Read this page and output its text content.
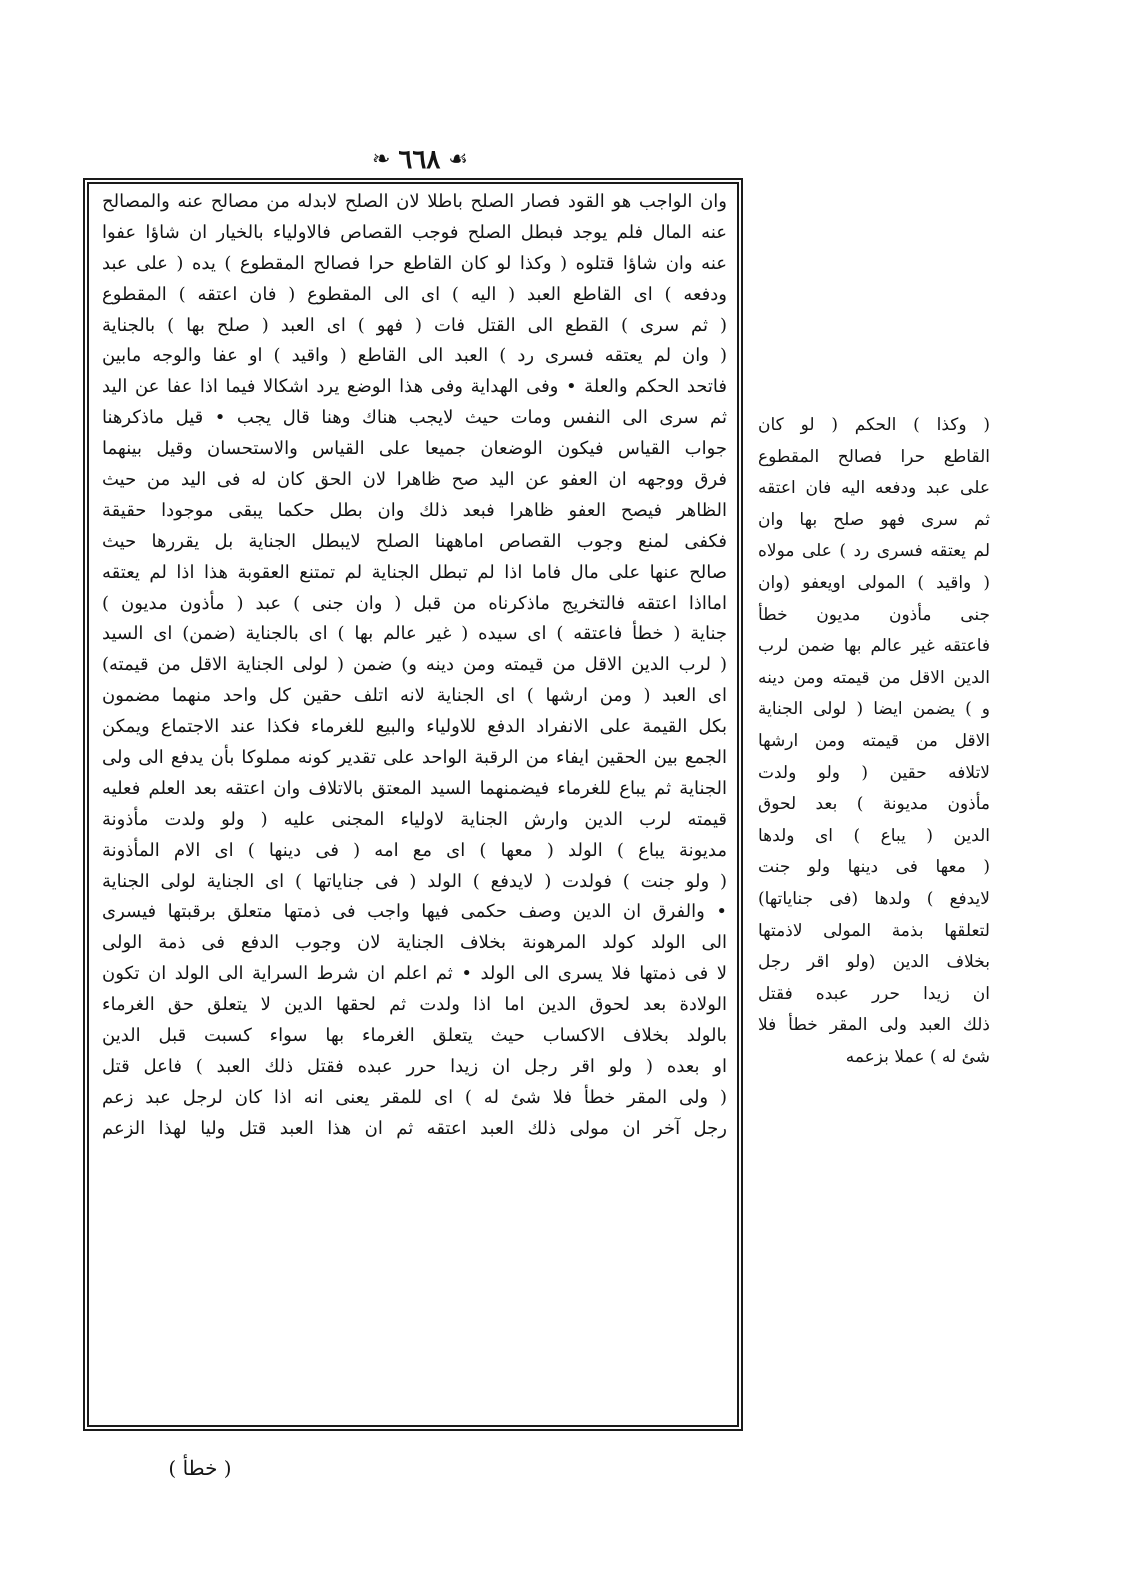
❧ ٦٦٨ ☙
وان الواجب هو القود فصار الصلح باطلا لان الصلح لابدله من مصالح عنه والمصالح
عنه المال فلم يوجد فبطل الصلح فوجب القصاص فالاولياء بالخيار ان شاؤا عفوا
عنه وان شاؤا قتلوه ( وكذا لو كان القاطع حرا فصالح المقطوع ) يده ( على عبد
ودفعه ) اى القاطع العبد ( اليه ) اى الى المقطوع ( فان اعتقه ) المقطوع
( ثم سرى ) القطع الى القتل فات ( فهو ) اى العبد ( صلح بها ) بالجناية
( وان لم يعتقه فسرى رد ) العبد الى القاطع ( واقيد ) او عفا والوجه مابين
فاتحد الحكم والعلة • وفى الهداية وفى هذا الوضع يرد اشكالا فيما اذا عفا عن اليد
ثم سرى الى النفس ومات حيث لايجب هناك وهنا قال يجب • قيل ماذكرهنا
جواب القياس فيكون الوضعان جميعا على القياس والاستحسان وقيل بينهما
فرق ووجهه ان العفو عن اليد صح ظاهرا لان الحق كان له فى اليد من حيث
الظاهر فيصح العفو ظاهرا فبعد ذلك وان بطل حكما يبقى موجودا حقيقة
فكفى لمنع وجوب القصاص اماههنا الصلح لايبطل الجناية بل يقررها حيث
صالح عنها على مال فاما اذا لم تبطل الجناية لم تمتنع العقوبة هذا اذا لم يعتقه
امااذا اعتقه فالتخريج ماذكرناه من قبل ( وان جنى ) عبد ( مأذون مديون )
جناية ( خطأ فاعتقه ) اى سيده ( غير عالم بها ) اى بالجناية (ضمن) اى السيد
( لرب الدين الاقل من قيمته ومن دينه و) ضمن ( لولى الجناية الاقل من قيمته)
اى العبد ( ومن ارشها ) اى الجناية لانه اتلف حقين كل واحد منهما مضمون
بكل القيمة على الانفراد الدفع للاولياء والبيع للغرماء فكذا عند الاجتماع ويمكن
الجمع بين الحقين ايفاء من الرقبة الواحد على تقدير كونه مملوكا بأن يدفع الى ولى
الجناية ثم يباع للغرماء فيضمنهما السيد المعتق بالاتلاف وان اعتقه بعد العلم فعليه
قيمته لرب الدين وارش الجناية لاولياء المجنى عليه ( ولو ولدت مأذونة
مديونة يباع ) الولد ( معها ) اى مع امه ( فى دينها ) اى الام المأذونة
( ولو جنت ) فولدت ( لايدفع ) الولد ( فى جناياتها ) اى الجناية لولى الجناية
• والفرق ان الدين وصف حكمى فيها واجب فى ذمتها متعلق برقبتها فيسرى
الى الولد كولد المرهونة بخلاف الجناية لان وجوب الدفع فى ذمة الولى
لا فى ذمتها فلا يسرى الى الولد • ثم اعلم ان شرط السراية الى الولد ان تكون
الولادة بعد لحوق الدين اما اذا ولدت ثم لحقها الدين لا يتعلق حق الغرماء
بالولد بخلاف الاكساب حيث يتعلق الغرماء بها سواء كسبت قبل الدين
او بعده ( ولو اقر رجل ان زيدا حرر عبده فقتل ذلك العبد ) فاعل قتل
( ولى المقر خطأ فلا شئ له ) اى للمقر يعنى انه اذا كان لرجل عبد زعم
رجل آخر ان مولى ذلك العبد اعتقه ثم ان هذا العبد قتل وليا لهذا الزعم
( وكذا ) الحكم ( لو كان
القاطع حرا فصالح المقطوع
على عبد ودفعه اليه فان اعتقه
ثم سرى فهو صلح بها وان
لم يعتقه فسرى رد ) على مولاه
( واقيد ) المولى اويعفو (وان
جنى مأذون مديون خطأ
فاعتقه غير عالم بها ضمن لرب
الدين الاقل من قيمته ومن دينه
و ) يضمن ايضا ( لولى الجناية
الاقل من قيمته ومن ارشها
لاتلافه حقين ( ولو ولدت
مأذون مديونة ) بعد لحوق
الدين ( يباع ) اى ولدها
( معها فى دينها ولو جنت
لايدفع ) ولدها (فى جناياتها)
لتعلقها بذمة المولى لاذمتها
بخلاف الدين (ولو اقر رجل
ان زيدا حرر عبده فقتل
ذلك العبد ولى المقر خطأ فلا
شئ له ) عملا بزعمه
( خطأ )
